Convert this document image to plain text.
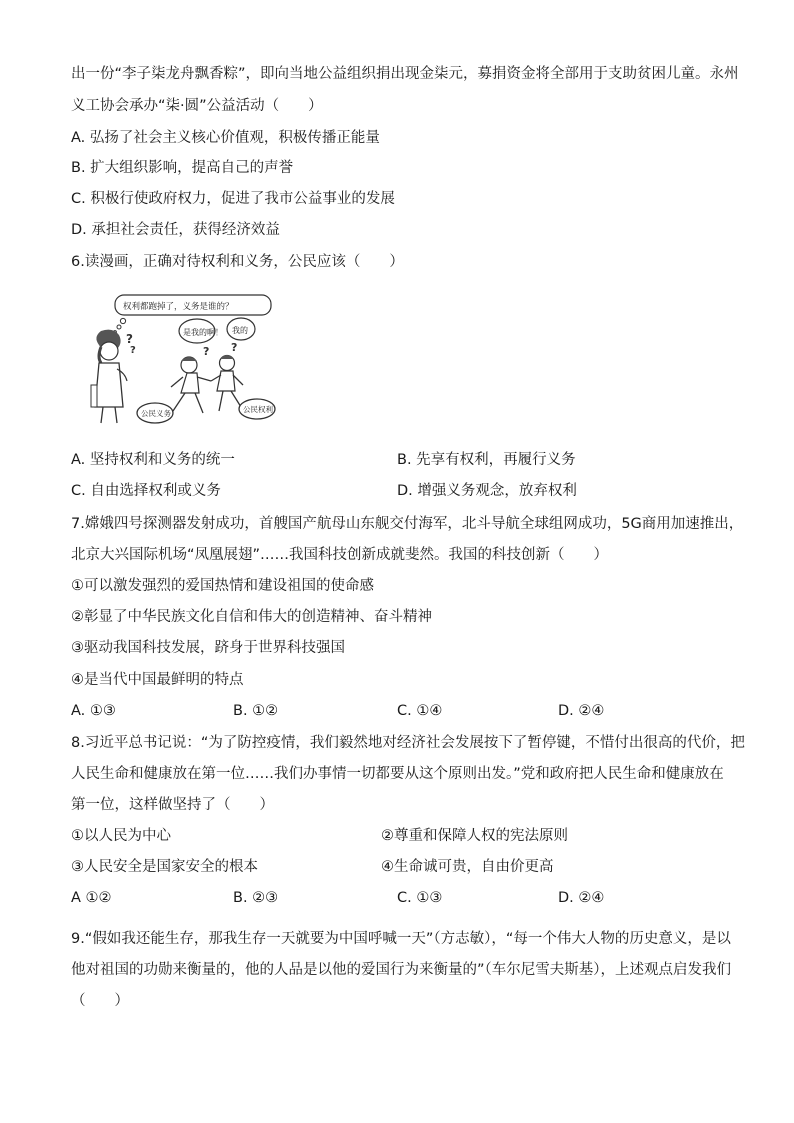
出一份“李子柒龙舟飘香粽”，即向当地公益组织捐出现金柒元，募捐资金将全部用于支助贫困儿童。永州
义工协会承办“柒·圆”公益活动（　　）
A. 弘扬了社会主义核心价值观，积极传播正能量
B. 扩大组织影响，提高自己的声誉
C. 积极行使政府权力，促进了我市公益事业的发展
D. 承担社会责任，获得经济效益
6.读漫画，正确对待权利和义务，公民应该（　　）
权利都跑掉了，义务是谁的？
?
?
是我的啊！ 我的
? ?
公民义务	公民权利
A. 坚持权利和义务的统一	B. 先享有权利，再履行义务
C. 自由选择权利或义务	D. 增强义务观念，放弃权利
7.嫦娥四号探测器发射成功，首艘国产航母山东舰交付海军，北斗导航全球组网成功，5G商用加速推出，
北京大兴国际机场“凤凰展翅”……我国科技创新成就斐然。我国的科技创新（　　）
①可以激发强烈的爱国热情和建设祖国的使命感
②彰显了中华民族文化自信和伟大的创造精神、奋斗精神
③驱动我国科技发展，跻身于世界科技强国
④是当代中国最鲜明的特点
A. ①③	B. ①②	C. ①④	D. ②④
8.习近平总书记说：“为了防控疫情，我们毅然地对经济社会发展按下了暂停键，不惜付出很高的代价，把
人民生命和健康放在第一位……我们办事情一切都要从这个原则出发。”党和政府把人民生命和健康放在
第一位，这样做坚持了（　　）
①以人民为中心	②尊重和保障人权的宪法原则
③人民安全是国家安全的根本	④生命诚可贵，自由价更高
A ①②	B. ②③	C. ①③	D. ②④
9.“假如我还能生存，那我生存一天就要为中国呼喊一天”（方志敏），“每一个伟大人物的历史意义，是以
他对祖国的功勋来衡量的，他的人品是以他的爱国行为来衡量的”（车尔尼雪夫斯基），上述观点启发我们
（　　）
